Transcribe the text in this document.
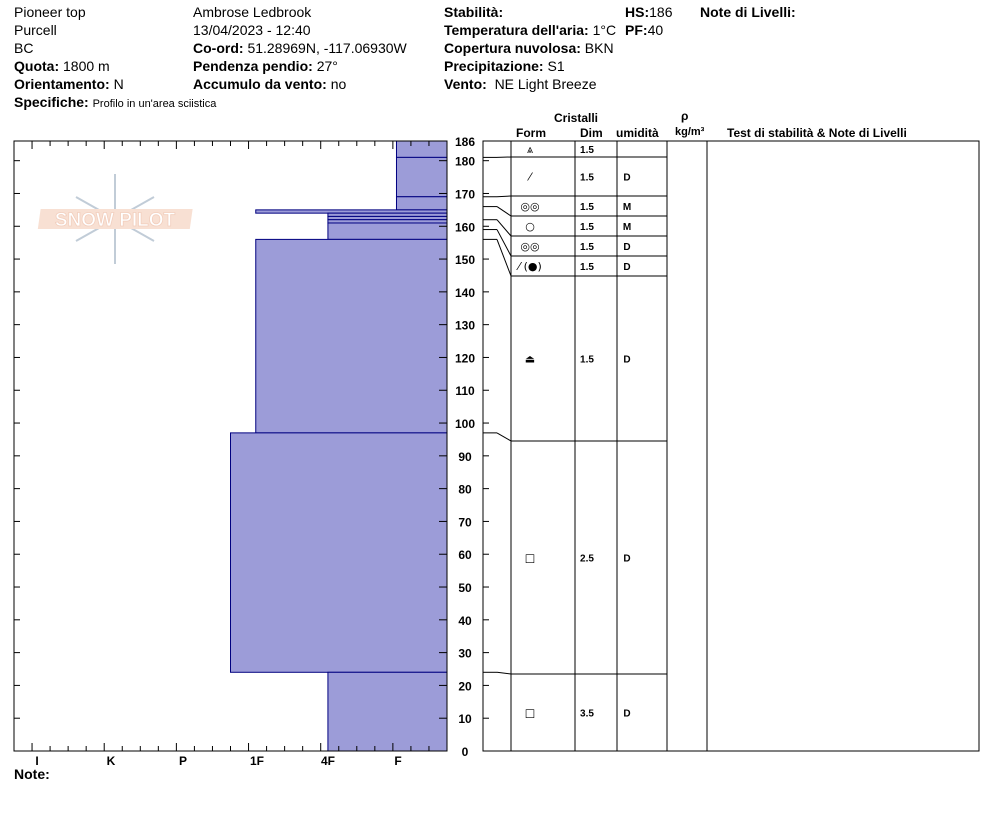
Pioneer top
Purcell
BC
Quota: 1800 m
Orientamento: N
Specifiche: Profilo in un'area sciistica
Ambrose Ledbrook
13/04/2023 - 12:40
Co-ord: 51.28969N, -117.06930W
Pendenza pendio: 27°
Accumulo da vento: no
Stabilità:
Temperatura dell'aria: 1°C
Copertura nuvolosa: BKN
Precipitazione: S1
Vento: NE Light Breeze
HS:186
PF:40
Note di Livelli:
Cristalli
Form	Dim umidità
ρ
kg/m³ Test di stabilità & Note di Livelli
SNOW PILOT
I	K	P	1F	4F	F
0
10
20
30
40
50
60
70
80
90
100
110
120
130
140
150
160
170
180
186
⩓	1.5
⁄	1.5	D
◎◎	1.5	M
○	1.5	M
◎◎	1.5	D
⁄ (●)	1.5	D
⏏	1.5	D
□	2.5	D
□	3.5	D
Note:
